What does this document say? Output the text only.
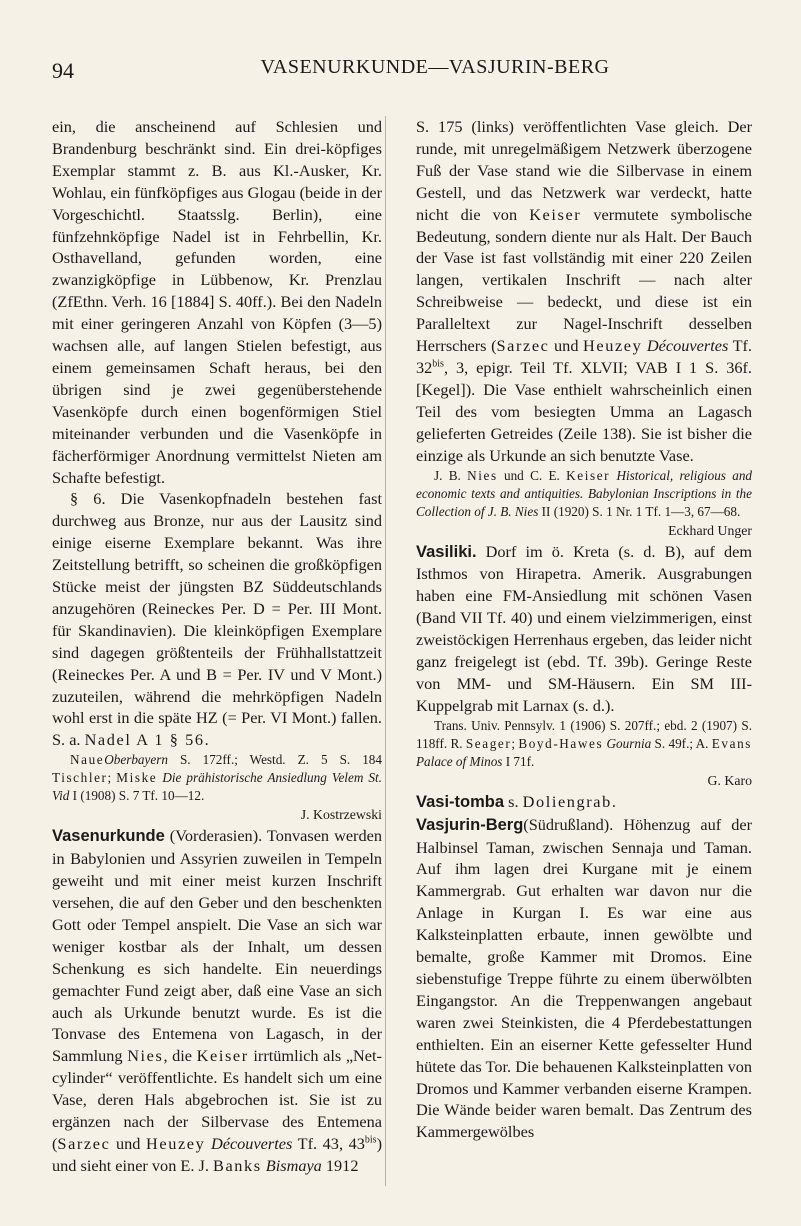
94	VASENURKUNDE—VASJURIN-BERG

ein, die anscheinend auf Schlesien und Brandenburg beschränkt sind. Ein drei-köpfiges Exemplar stammt z. B. aus Kl.-Ausker, Kr. Wohlau, ein fünfköpfiges aus Glogau (beide in der Vorgeschichtl. Staatsslg. Berlin), eine fünfzehnköpfige Nadel ist in Fehrbellin, Kr. Osthavelland, gefunden worden, eine zwanzigköpfige in Lübbenow, Kr. Prenzlau (ZfEthn. Verh. 16 [1884] S. 40ff.). Bei den Nadeln mit einer geringeren Anzahl von Köpfen (3—5) wachsen alle, auf langen Stielen befestigt, aus einem gemeinsamen Schaft heraus, bei den übrigen sind je zwei gegenüberstehende Vasenköpfe durch einen bogenförmigen Stiel miteinander verbunden und die Vasenköpfe in fächerförmiger Anordnung vermittelst Nieten am Schafte befestigt.

§ 6. Die Vasenkopfnadeln bestehen fast durchweg aus Bronze, nur aus der Lausitz sind einige eiserne Exemplare bekannt. Was ihre Zeitstellung betrifft, so scheinen die großköpfigen Stücke meist der jüngsten BZ Süddeutschlands anzugehören (Reineckes Per. D = Per. III Mont. für Skandinavien). Die kleinköpfigen Exemplare sind dagegen größtenteils der Frühhallstattzeit (Reineckes Per. A und B = Per. IV und V Mont.) zuzuteilen, während die mehrköpfigen Nadeln wohl erst in die späte HZ (= Per. VI Mont.) fallen. S. a. Nadel A 1 § 56.

NaueOberbayern S. 172ff.; Westd. Z. 5 S. 184 Tischler; Miske Die prähistorische Ansiedlung Velem St. Vid I (1908) S. 7 Tf. 10—12.

J. Kostrzewski

Vasenurkunde (Vorderasien). Tonvasen werden in Babylonien und Assyrien zuweilen in Tempeln geweiht und mit einer meist kurzen Inschrift versehen, die auf den Geber und den beschenkten Gott oder Tempel anspielt. Die Vase an sich war weniger kostbar als der Inhalt, um dessen Schenkung es sich handelte. Ein neuerdings gemachter Fund zeigt aber, daß eine Vase an sich auch als Urkunde benutzt wurde. Es ist die Tonvase des Entemena von Lagasch, in der Sammlung Nies, die Keiser irrtümlich als „Net-cylinder“ veröffentlichte. Es handelt sich um eine Vase, deren Hals abgebrochen ist. Sie ist zu ergänzen nach der Silbervase des Entemena (Sarzec und Heuzey Découvertes Tf. 43, $43^{bis}$) und sieht einer von E. J. Banks Bismaya 1912

S. 175 (links) veröffentlichten Vase gleich. Der runde, mit unregelmäßigem Netzwerk überzogene Fuß der Vase stand wie die Silbervase in einem Gestell, und das Netzwerk war verdeckt, hatte nicht die von Keiser vermutete symbolische Bedeutung, sondern diente nur als Halt. Der Bauch der Vase ist fast vollständig mit einer 220 Zeilen langen, vertikalen Inschrift — nach alter Schreibweise — bedeckt, und diese ist ein Paralleltext zur Nagel-Inschrift desselben Herrschers (Sarzec und Heuzey Découvertes Tf. $32^{bis}$, 3, epigr. Teil Tf. XLVII; VAB I 1 S. 36f. [Kegel]). Die Vase enthielt wahrscheinlich einen Teil des vom besiegten Umma an Lagasch gelieferten Getreides (Zeile 138). Sie ist bisher die einzige als Urkunde an sich benutzte Vase.

J. B. Nies und C. E. Keiser Historical, religious and economic texts and antiquities. Babylonian Inscriptions in the Collection of J. B. Nies II (1920) S. 1 Nr. 1 Tf. 1—3, 67—68.

Eckhard Unger

Vasiliki. Dorf im ö. Kreta (s. d. B), auf dem Isthmos von Hirapetra. Amerik. Ausgrabungen haben eine FM-Ansiedlung mit schönen Vasen (Band VII Tf. 40) und einem vielzimmerigen, einst zweistöckigen Herrenhaus ergeben, das leider nicht ganz freigelegt ist (ebd. Tf. 39b). Geringe Reste von MM- und SM-Häusern. Ein SM III-Kuppelgrab mit Larnax (s. d.).

Trans. Univ. Pennsylv. 1 (1906) S. 207ff.; ebd. 2 (1907) S. 118ff. R. Seager; Boyd-Hawes Gournia S. 49f.; A. Evans Palace of Minos I 71f.

G. Karo

Vasi-tomba s. Doliengrab.

Vasjurin-Berg(Südrußland). Höhenzug auf der Halbinsel Taman, zwischen Sennaja und Taman. Auf ihm lagen drei Kurgane mit je einem Kammergrab. Gut erhalten war davon nur die Anlage in Kurgan I. Es war eine aus Kalksteinplatten erbaute, innen gewölbte und bemalte, große Kammer mit Dromos. Eine siebenstufige Treppe führte zu einem überwölbten Eingangstor. An die Treppenwangen angebaut waren zwei Steinkisten, die 4 Pferdebestattungen enthielten. Ein an eiserner Kette gefesselter Hund hütete das Tor. Die behauenen Kalksteinplatten von Dromos und Kammer verbanden eiserne Krampen. Die Wände beider waren bemalt. Das Zentrum des Kammergewölbes
